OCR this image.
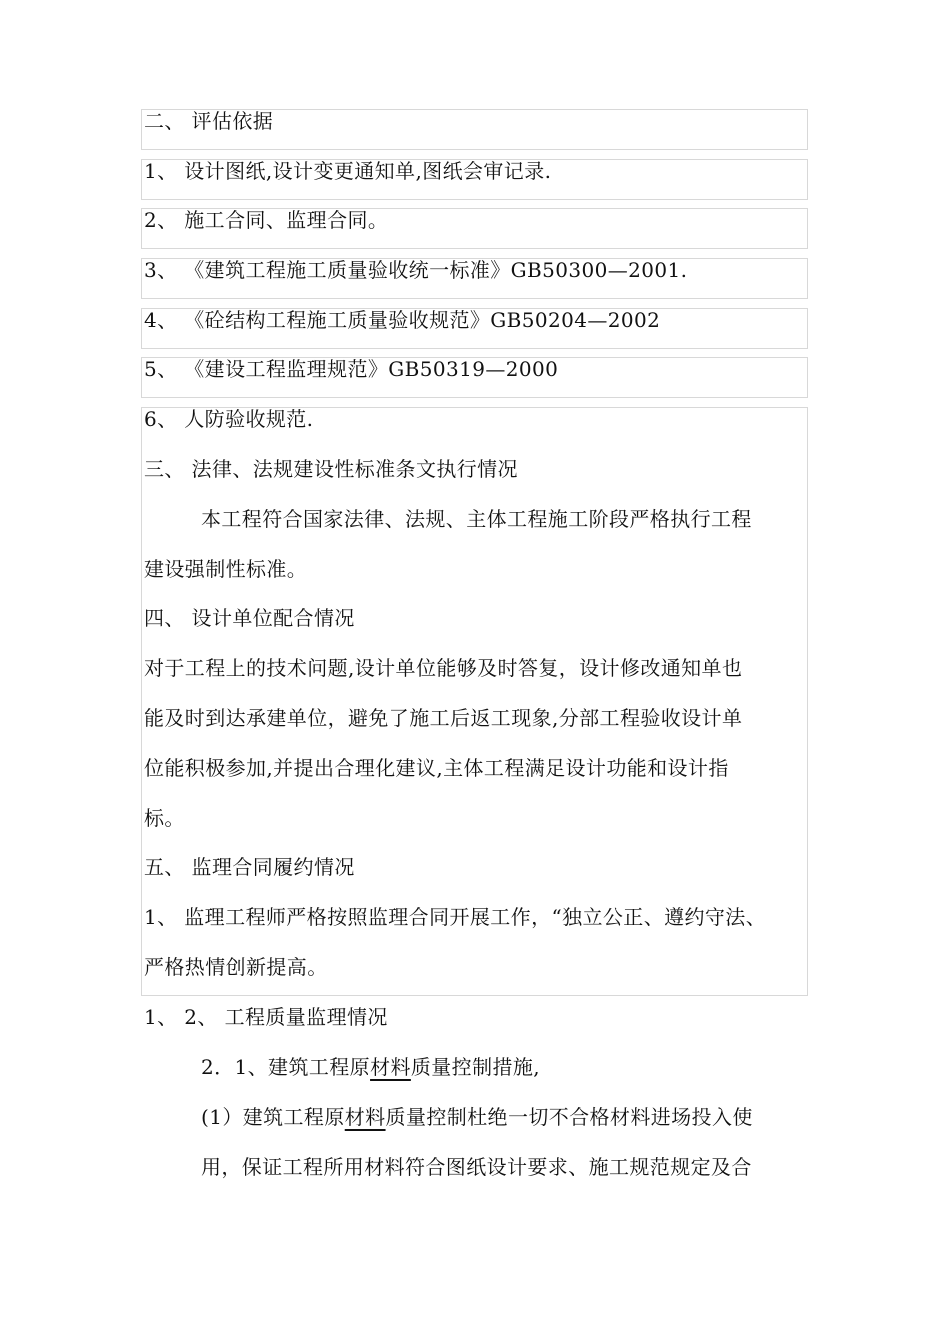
二、 评估依据
1、 设计图纸,设计变更通知单,图纸会审记录.
2、 施工合同、监理合同。
3、 《建筑工程施工质量验收统一标准》GB50300—2001.
4、 《砼结构工程施工质量验收规范》GB50204—2002
5、 《建设工程监理规范》GB50319—2000
6、 人防验收规范.
三、 法律、法规建设性标准条文执行情况
本工程符合国家法律、法规、主体工程施工阶段严格执行工程
建设强制性标准。
四、 设计单位配合情况
对于工程上的技术问题,设计单位能够及时答复，设计修改通知单也
能及时到达承建单位，避免了施工后返工现象,分部工程验收设计单
位能积极参加,并提出合理化建议,主体工程满足设计功能和设计指
标。
五、 监理合同履约情况
1、 监理工程师严格按照监理合同开展工作，“独立公正、遵约守法、
严格热情创新提高。
1、 2、 工程质量监理情况
2．1、建筑工程原材料质量控制措施,
(1）建筑工程原材料质量控制杜绝一切不合格材料进场投入使
用，保证工程所用材料符合图纸设计要求、施工规范规定及合
